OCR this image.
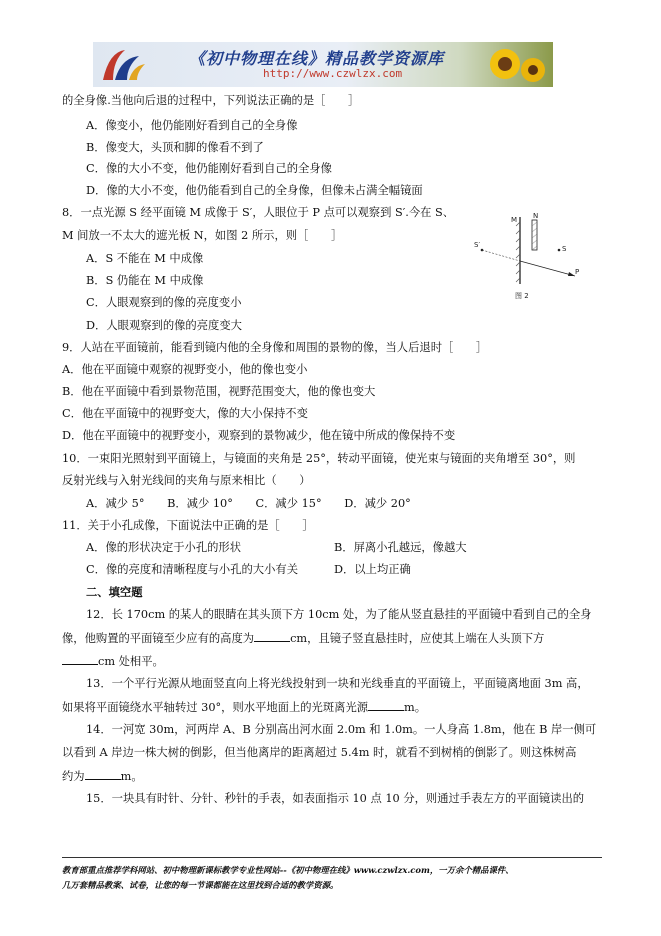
《初中物理在线》精品教学资源库
http://www.czwlzx.com
的全身像.当他向后退的过程中，下列说法正确的是［　　］
A．像变小，他仍能刚好看到自己的全身像
B．像变大，头顶和脚的像看不到了
C．像的大小不变，他仍能刚好看到自己的全身像
D．像的大小不变，他仍能看到自己的全身像，但像未占满全幅镜面
8．一点光源 S 经平面镜 M 成像于 S′，人眼位于 P 点可以观察到 S′.今在 S、
M 间放一不太大的遮光板 N，如图 2 所示，则［　　］
A．S 不能在 M 中成像
B．S 仍能在 M 中成像
C．人眼观察到的像的亮度变小
D．人眼观察到的像的亮度变大
9．人站在平面镜前，能看到镜内他的全身像和周围的景物的像，当人后退时［　　］
A．他在平面镜中观察的视野变小，他的像也变小
B．他在平面镜中看到景物范围，视野范围变大，他的像也变大
C．他在平面镜中的视野变大，像的大小保持不变
D．他在平面镜中的视野变小，观察到的景物减少，他在镜中所成的像保持不变
10．一束阳光照射到平面镜上，与镜面的夹角是 25°，转动平面镜，使光束与镜面的夹角增至 30°，则
反射光线与入射光线间的夹角与原来相比（　　）
A．减少 5°　　B．减少 10°　　C．减少 15°　　D．减少 20°
11．关于小孔成像，下面说法中正确的是［　　］
A．像的形状决定于小孔的形状	B．屏离小孔越远，像越大
C．像的亮度和清晰程度与小孔的大小有关	D．以上均正确
二、填空题
12．长 170cm 的某人的眼睛在其头顶下方 10cm 处，为了能从竖直悬挂的平面镜中看到自己的全身
像，他购置的平面镜至少应有的高度为	cm，且镜子竖直悬挂时，应使其上端在人头顶下方
cm 处相平。
13．一个平行光源从地面竖直向上将光线投射到一块和光线垂直的平面镜上，平面镜离地面 3m 高，
如果将平面镜绕水平轴转过 30°，则水平地面上的光斑离光源	m。
14．一河宽 30m，河两岸 A、B 分别高出河水面 2.0m 和 1.0m。一人身高 1.8m，他在 B 岸一侧可
以看到 A 岸边一株大树的倒影，但当他离岸的距离超过 5.4m 时，就看不到树梢的倒影了。则这株树高
约为	m。
15．一块具有时针、分针、秒针的手表，如表面指示 10 点 10 分，则通过手表左方的平面镜读出的
M N
S
S′
P
图 2
教育部重点推荐学科网站、初中物理新课标教学专业性网站--《初中物理在线》www.czwlzx.com，一万余个精品课件、
几万套精品教案、试卷，让您的每一节课都能在这里找到合适的教学资源。
